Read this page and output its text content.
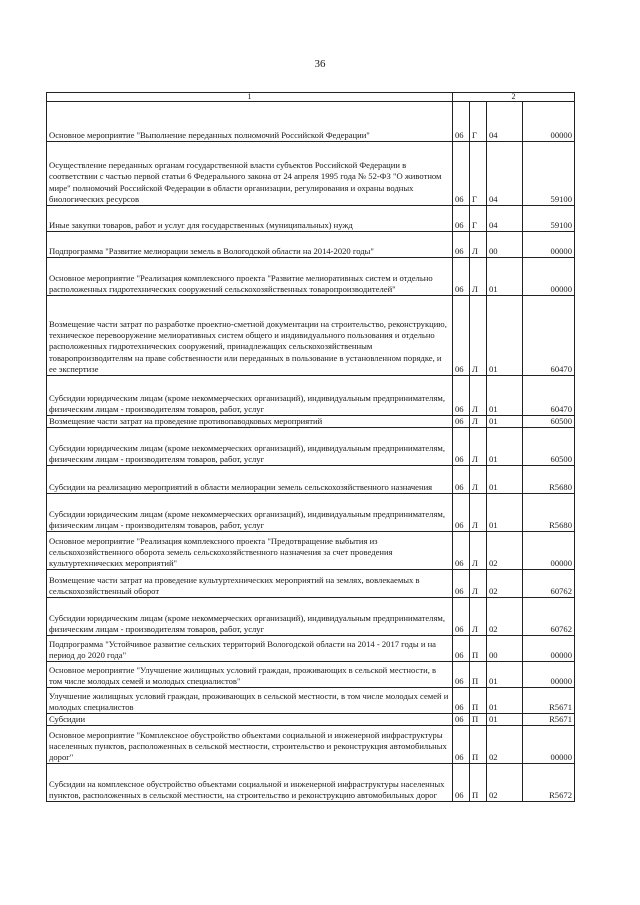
36
1	2			
Основное мероприятие "Выполнение переданных полномочий Российской Федерации"	06	Г	04	00000
Осуществление переданных органам государственной власти субъектов Российской Федерации в соответствии с частью первой статьи 6 Федерального закона от 24 апреля 1995 года № 52-ФЗ "О животном мире" полномочий Российской Федерации в области организации, регулирования и охраны водных биологических ресурсов	06	Г	04	59100
Иные закупки товаров, работ и услуг для государственных (муниципальных) нужд	06	Г	04	59100
Подпрограмма "Развитие мелиорации земель в Вологодской области на 2014-2020 годы"	06	Л	00	00000
Основное мероприятие "Реализация комплексного проекта "Развитие мелиоративных систем и отдельно расположенных гидротехнических сооружений сельскохозяйственных товаропроизводителей"	06	Л	01	00000
Возмещение части затрат по разработке проектно-сметной документации на строительство, реконструкцию, техническое перевооружение мелиоративных систем общего и индивидуального пользования и отдельно расположенных гидротехнических сооружений, принадлежащих сельскохозяйственным товаропроизводителям на праве собственности или переданных в пользование в установленном порядке, и ее экспертизе	06	Л	01	60470
Субсидии юридическим лицам (кроме некоммерческих организаций), индивидуальным предпринимателям, физическим лицам - производителям товаров, работ, услуг	06	Л	01	60470
Возмещение части затрат на проведение противопаводковых мероприятий	06	Л	01	60500
Субсидии юридическим лицам (кроме некоммерческих организаций), индивидуальным предпринимателям, физическим лицам - производителям товаров, работ, услуг	06	Л	01	60500
Субсидии на реализацию мероприятий в области мелиорации земель сельскохозяйственного назначения	06	Л	01	R5680
Субсидии юридическим лицам (кроме некоммерческих организаций), индивидуальным предпринимателям, физическим лицам - производителям товаров, работ, услуг	06	Л	01	R5680
Основное мероприятие "Реализация комплексного проекта "Предотвращение выбытия из сельскохозяйственного оборота земель сельскохозяйственного назначения за счет проведения культуртехнических мероприятий"	06	Л	02	00000
Возмещение части затрат на проведение культуртехнических мероприятий на землях, вовлекаемых в сельскохозяйственный оборот	06	Л	02	60762
Субсидии юридическим лицам (кроме некоммерческих организаций), индивидуальным предпринимателям, физическим лицам - производителям товаров, работ, услуг	06	Л	02	60762
Подпрограмма "Устойчивое развитие сельских территорий Вологодской области на 2014 - 2017 годы и на период до 2020 года"	06	П	00	00000
Основное мероприятие "Улучшение жилищных условий граждан, проживающих в сельской местности, в том числе молодых семей и молодых специалистов"	06	П	01	00000
Улучшение жилищных условий граждан, проживающих в сельской местности, в том числе молодых семей и молодых специалистов	06	П	01	R5671
Субсидии	06	П	01	R5671
Основное мероприятие "Комплексное обустройство объектами социальной и инженерной инфраструктуры населенных пунктов, расположенных в сельской местности, строительство и реконструкция автомобильных дорог"	06	П	02	00000
Субсидии на комплексное обустройство объектами социальной и инженерной инфраструктуры населенных пунктов, расположенных в сельской местности, на строительство и реконструкцию автомобильных дорог	06	П	02	R5672
